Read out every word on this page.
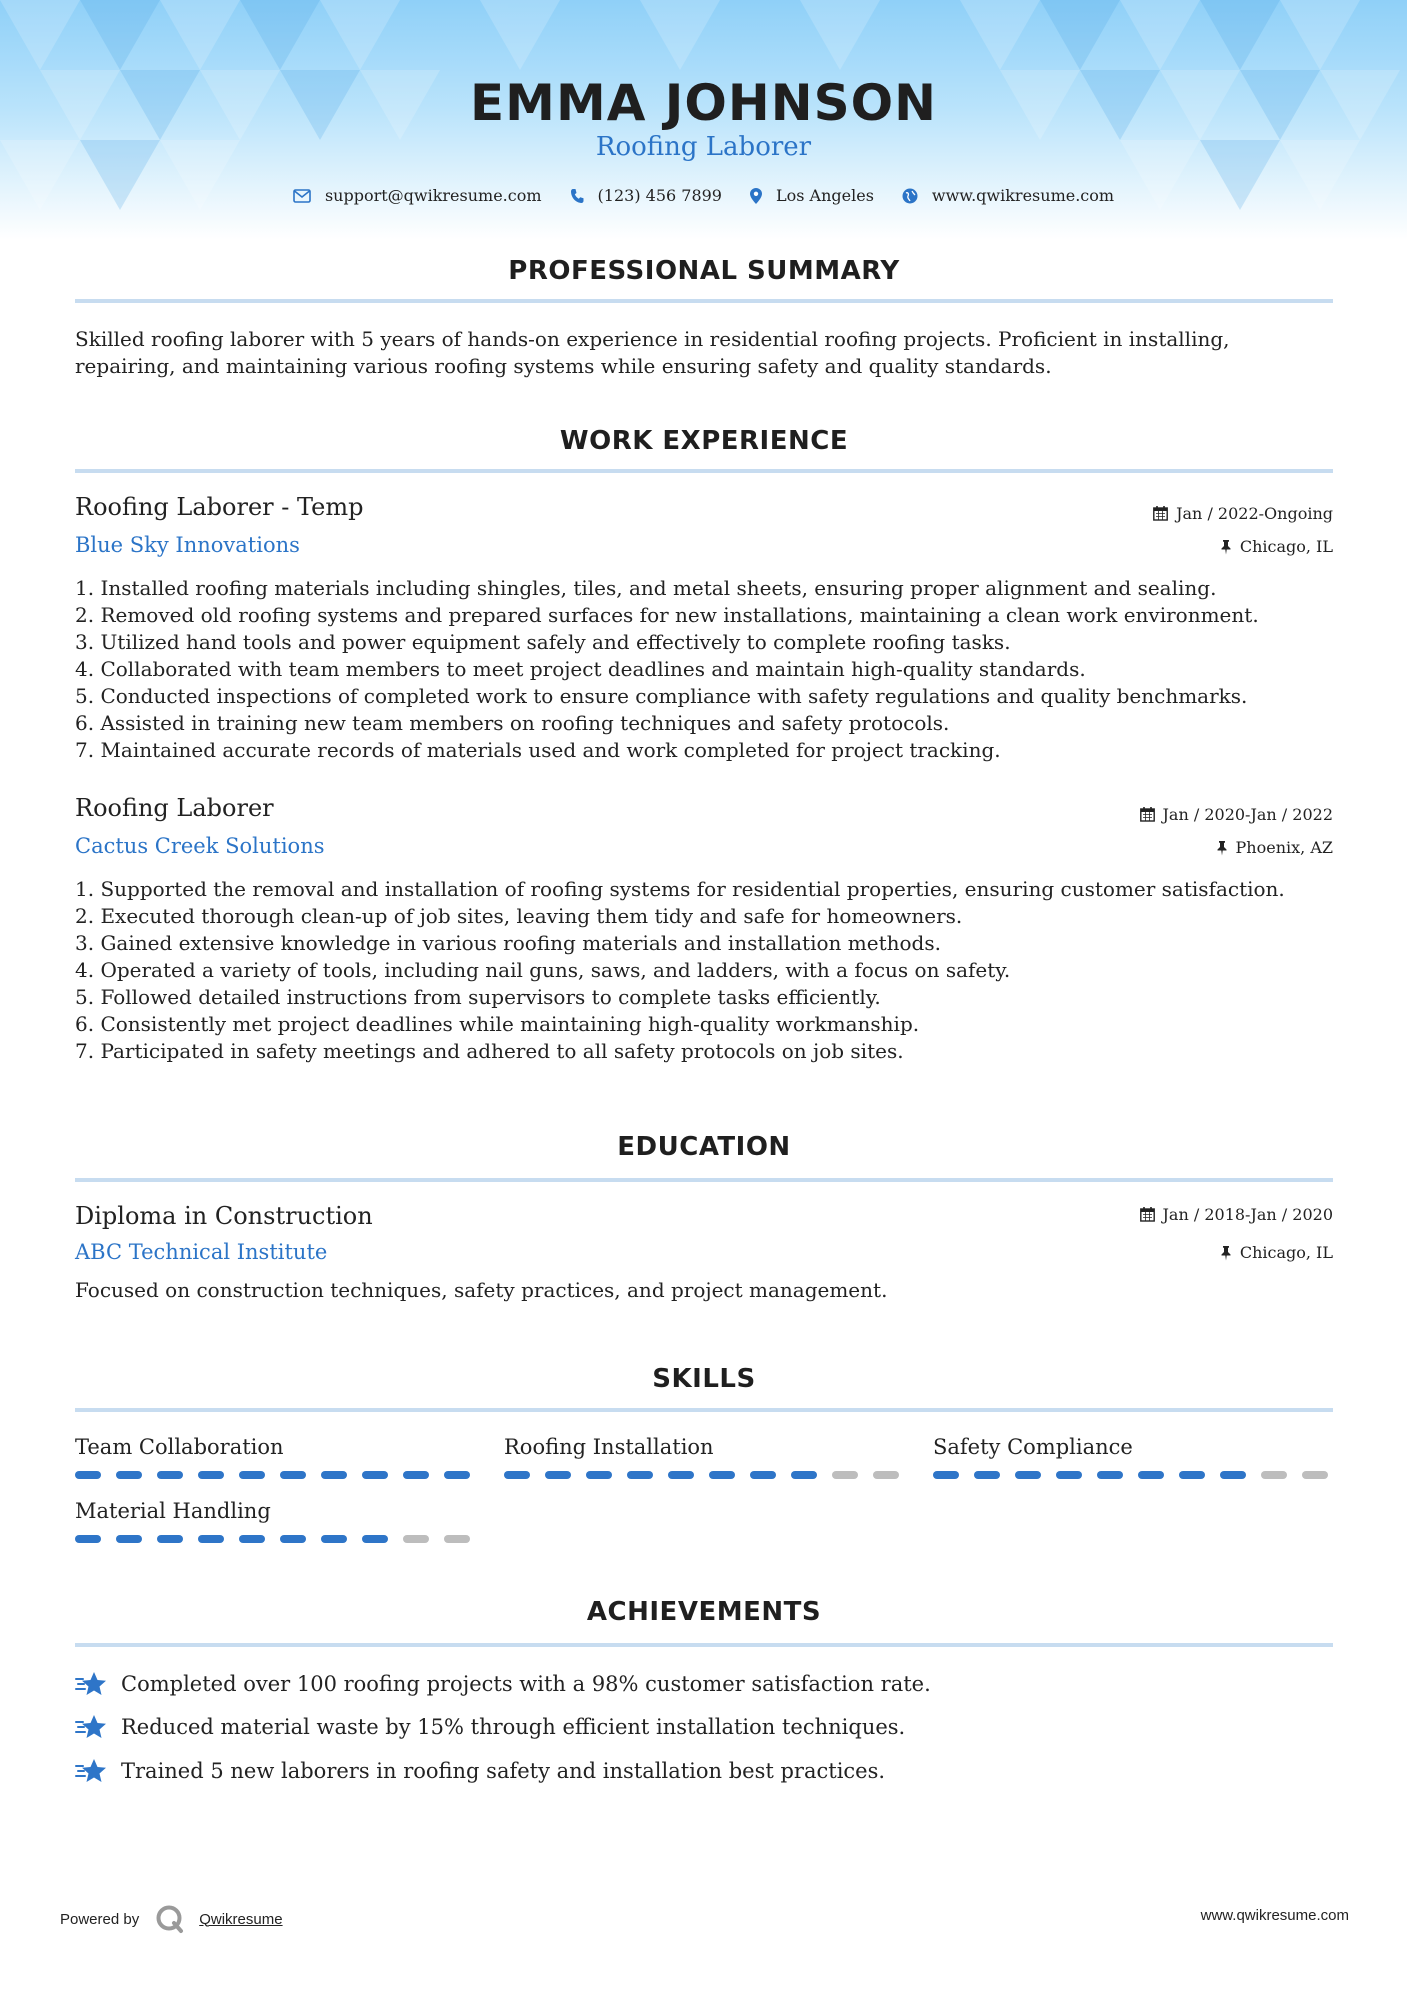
EMMA JOHNSON
Roofing Laborer
support@qwikresume.com	(123) 456 7899	Los Angeles	www.qwikresume.com
PROFESSIONAL SUMMARY
Skilled roofing laborer with 5 years of hands-on experience in residential roofing projects. Proficient in installing, repairing, and maintaining various roofing systems while ensuring safety and quality standards.
WORK EXPERIENCE
Roofing Laborer - Temp	Jan / 2022-Ongoing
Blue Sky Innovations	Chicago, IL
1. Installed roofing materials including shingles, tiles, and metal sheets, ensuring proper alignment and sealing.
2. Removed old roofing systems and prepared surfaces for new installations, maintaining a clean work environment.
3. Utilized hand tools and power equipment safely and effectively to complete roofing tasks.
4. Collaborated with team members to meet project deadlines and maintain high-quality standards.
5. Conducted inspections of completed work to ensure compliance with safety regulations and quality benchmarks.
6. Assisted in training new team members on roofing techniques and safety protocols.
7. Maintained accurate records of materials used and work completed for project tracking.
Roofing Laborer	Jan / 2020-Jan / 2022
Cactus Creek Solutions	Phoenix, AZ
1. Supported the removal and installation of roofing systems for residential properties, ensuring customer satisfaction.
2. Executed thorough clean-up of job sites, leaving them tidy and safe for homeowners.
3. Gained extensive knowledge in various roofing materials and installation methods.
4. Operated a variety of tools, including nail guns, saws, and ladders, with a focus on safety.
5. Followed detailed instructions from supervisors to complete tasks efficiently.
6. Consistently met project deadlines while maintaining high-quality workmanship.
7. Participated in safety meetings and adhered to all safety protocols on job sites.
EDUCATION
Diploma in Construction	Jan / 2018-Jan / 2020
ABC Technical Institute	Chicago, IL
Focused on construction techniques, safety practices, and project management.
SKILLS
Team Collaboration	Roofing Installation	Safety Compliance
Material Handling
ACHIEVEMENTS
Completed over 100 roofing projects with a 98% customer satisfaction rate.
Reduced material waste by 15% through efficient installation techniques.
Trained 5 new laborers in roofing safety and installation best practices.
Powered by	Qwikresume	www.qwikresume.com
